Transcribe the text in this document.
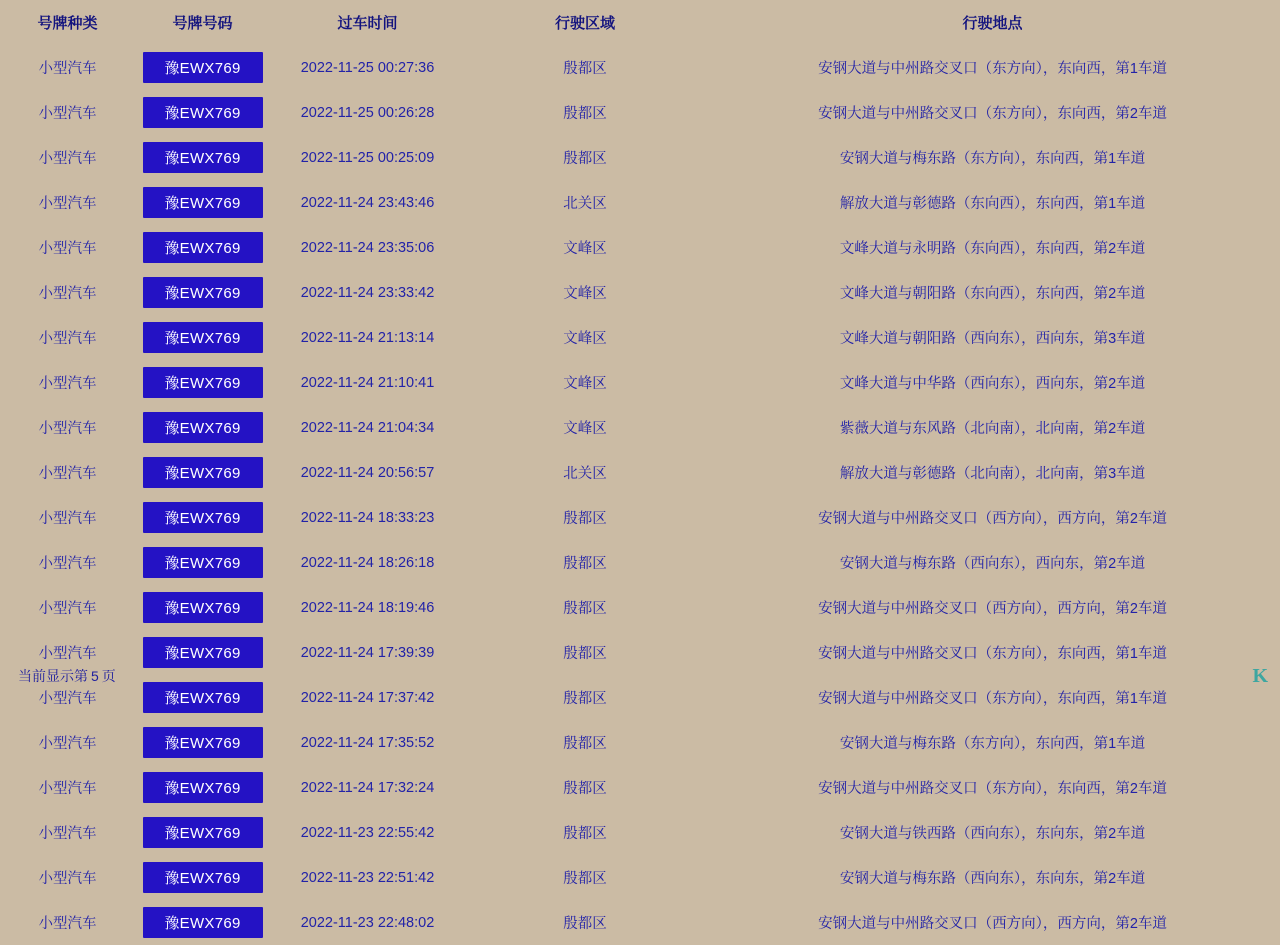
号牌种类	号牌号码	过车时间	行驶区域	行驶地点
小型汽车	豫EWX769	2022-11-25 00:27:36	殷都区	安钢大道与中州路交叉口（东方向），东向西，第1车道
小型汽车	豫EWX769	2022-11-25 00:26:28	殷都区	安钢大道与中州路交叉口（东方向），东向西，第2车道
小型汽车	豫EWX769	2022-11-25 00:25:09	殷都区	安钢大道与梅东路（东方向），东向西，第1车道
小型汽车	豫EWX769	2022-11-24 23:43:46	北关区	解放大道与彰德路（东向西），东向西，第1车道
小型汽车	豫EWX769	2022-11-24 23:35:06	文峰区	文峰大道与永明路（东向西），东向西，第2车道
小型汽车	豫EWX769	2022-11-24 23:33:42	文峰区	文峰大道与朝阳路（东向西），东向西，第2车道
小型汽车	豫EWX769	2022-11-24 21:13:14	文峰区	文峰大道与朝阳路（西向东），西向东，第3车道
小型汽车	豫EWX769	2022-11-24 21:10:41	文峰区	文峰大道与中华路（西向东），西向东，第2车道
小型汽车	豫EWX769	2022-11-24 21:04:34	文峰区	紫薇大道与东风路（北向南），北向南，第2车道
小型汽车	豫EWX769	2022-11-24 20:56:57	北关区	解放大道与彰德路（北向南），北向南，第3车道
小型汽车	豫EWX769	2022-11-24 18:33:23	殷都区	安钢大道与中州路交叉口（西方向），西方向，第2车道
小型汽车	豫EWX769	2022-11-24 18:26:18	殷都区	安钢大道与梅东路（西向东），西向东，第2车道
小型汽车	豫EWX769	2022-11-24 18:19:46	殷都区	安钢大道与中州路交叉口（西方向），西方向，第2车道
小型汽车	豫EWX769	2022-11-24 17:39:39	殷都区	安钢大道与中州路交叉口（东方向），东向西，第1车道
小型汽车	豫EWX769	2022-11-24 17:37:42	殷都区	安钢大道与中州路交叉口（东方向），东向西，第1车道
小型汽车	豫EWX769	2022-11-24 17:35:52	殷都区	安钢大道与梅东路（东方向），东向西，第1车道
小型汽车	豫EWX769	2022-11-24 17:32:24	殷都区	安钢大道与中州路交叉口（东方向），东向西，第2车道
小型汽车	豫EWX769	2022-11-23 22:55:42	殷都区	安钢大道与铁西路（西向东），东向东，第2车道
小型汽车	豫EWX769	2022-11-23 22:51:42	殷都区	安钢大道与梅东路（西向东），东向东，第2车道
小型汽车	豫EWX769	2022-11-23 22:48:02	殷都区	安钢大道与中州路交叉口（西方向），西方向，第2车道
当前显示第 5 页	K
